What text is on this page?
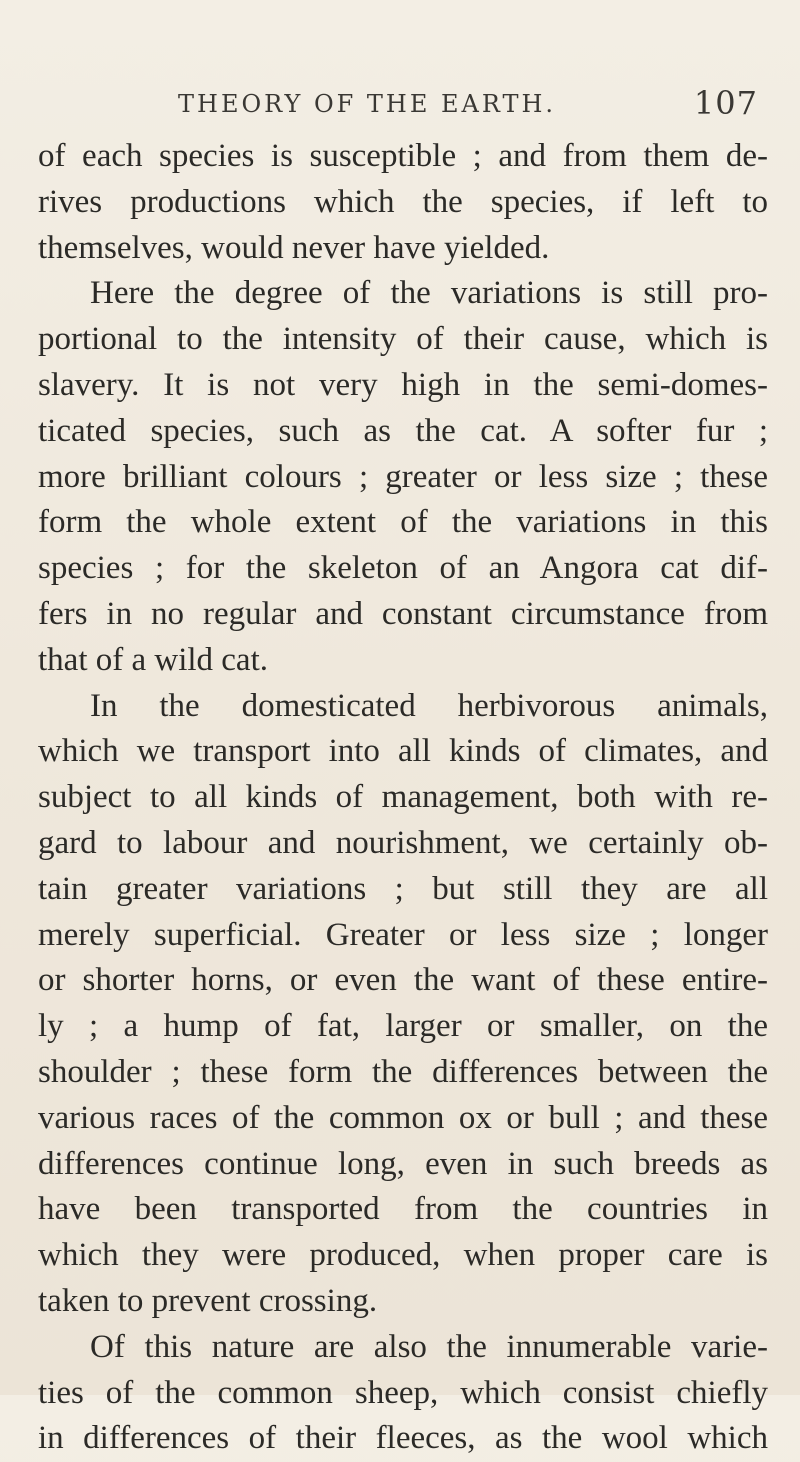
THEORY OF THE EARTH.	107
of each species is susceptible ; and from them de-
rives productions which the species, if left to
themselves, would never have yielded.
Here the degree of the variations is still pro-
portional to the intensity of their cause, which is
slavery. It is not very high in the semi-domes-
ticated species, such as the cat. A softer fur ;
more brilliant colours ; greater or less size ; these
form the whole extent of the variations in this
species ; for the skeleton of an Angora cat dif-
fers in no regular and constant circumstance from
that of a wild cat.
In the domesticated herbivorous animals,
which we transport into all kinds of climates, and
subject to all kinds of management, both with re-
gard to labour and nourishment, we certainly ob-
tain greater variations ; but still they are all
merely superficial. Greater or less size ; longer
or shorter horns, or even the want of these entire-
ly ; a hump of fat, larger or smaller, on the
shoulder ; these form the differences between the
various races of the common ox or bull ; and these
differences continue long, even in such breeds as
have been transported from the countries in
which they were produced, when proper care is
taken to prevent crossing.
Of this nature are also the innumerable varie-
ties of the common sheep, which consist chiefly
in differences of their fleeces, as the wool which
